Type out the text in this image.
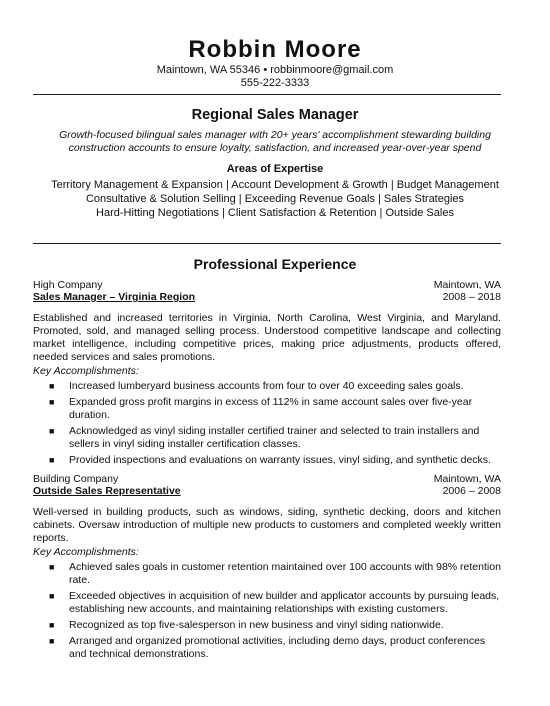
Robbin Moore
Maintown, WA 55346 • robbinmoore@gmail.com
555-222-3333
Regional Sales Manager
Growth-focused bilingual sales manager with 20+ years' accomplishment stewarding building construction accounts to ensure loyalty, satisfaction, and increased year-over-year spend
Areas of Expertise
Territory Management & Expansion | Account Development & Growth | Budget Management
Consultative & Solution Selling | Exceeding Revenue Goals | Sales Strategies
Hard-Hitting Negotiations | Client Satisfaction & Retention | Outside Sales
Professional Experience
High Company	Maintown, WA
Sales Manager – Virginia Region	2008 – 2018
Established and increased territories in Virginia, North Carolina, West Virginia, and Maryland. Promoted, sold, and managed selling process. Understood competitive landscape and collecting market intelligence, including competitive prices, making price adjustments, products offered, needed services and sales promotions.
Key Accomplishments:
■ Increased lumberyard business accounts from four to over 40 exceeding sales goals.
■ Expanded gross profit margins in excess of 112% in same account sales over five-year duration.
■ Acknowledged as vinyl siding installer certified trainer and selected to train installers and sellers in vinyl siding installer certification classes.
■ Provided inspections and evaluations on warranty issues, vinyl siding, and synthetic decks.
Building Company	Maintown, WA
Outside Sales Representative	2006 – 2008
Well-versed in building products, such as windows, siding, synthetic decking, doors and kitchen cabinets. Oversaw introduction of multiple new products to customers and completed weekly written reports.
Key Accomplishments:
■ Achieved sales goals in customer retention maintained over 100 accounts with 98% retention rate.
■ Exceeded objectives in acquisition of new builder and applicator accounts by pursuing leads, establishing new accounts, and maintaining relationships with existing customers.
■ Recognized as top five-salesperson in new business and vinyl siding nationwide.
■ Arranged and organized promotional activities, including demo days, product conferences and technical demonstrations.
